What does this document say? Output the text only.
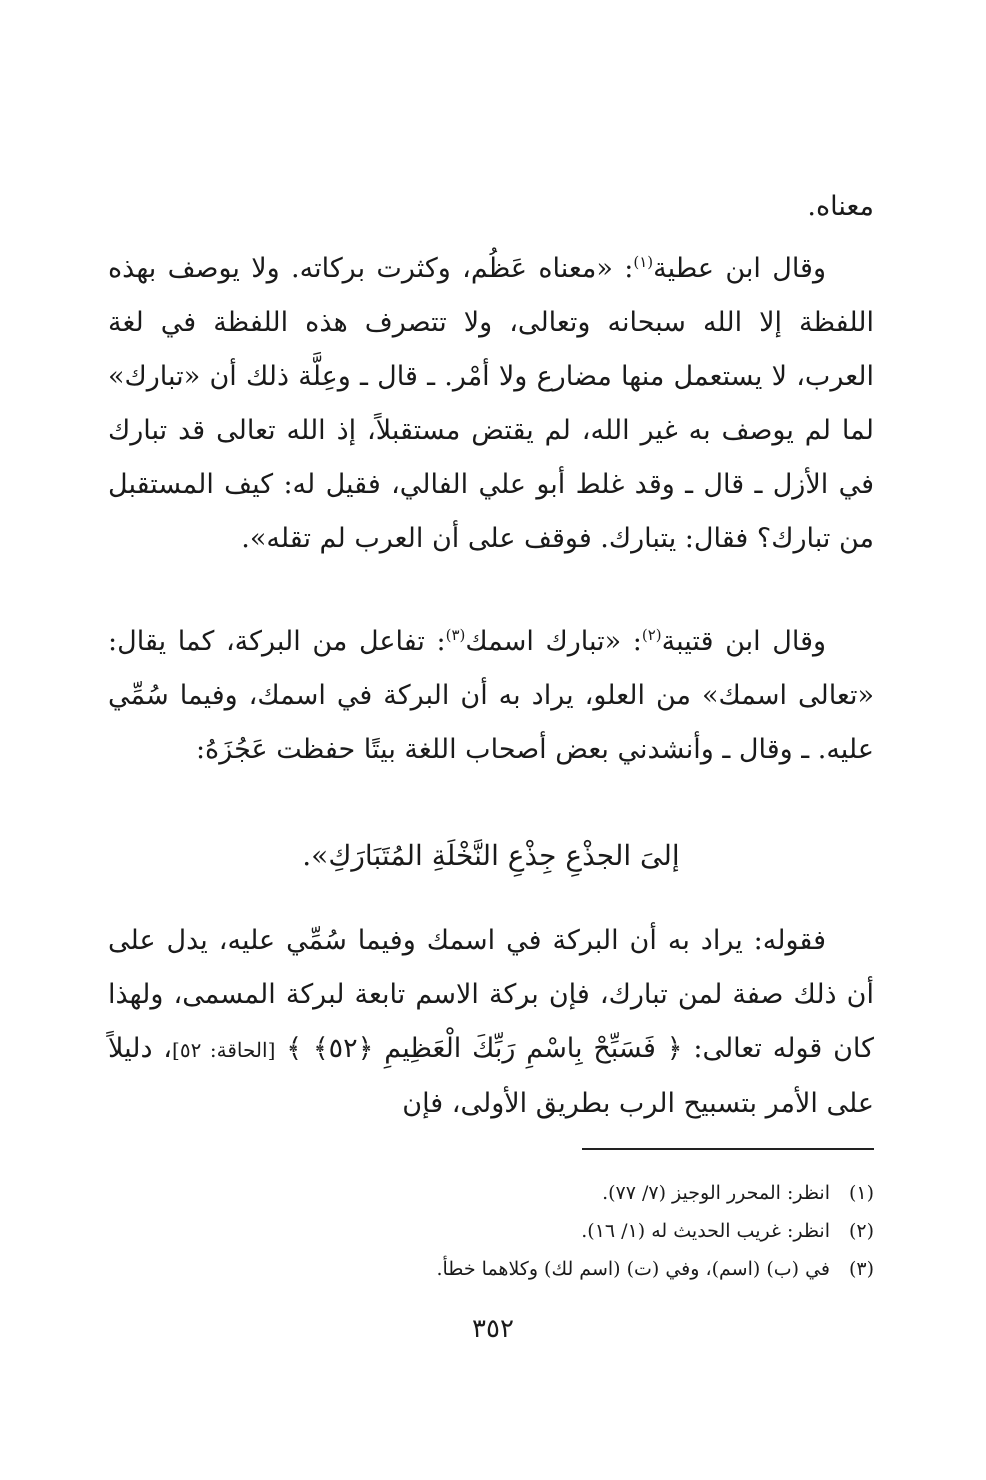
معناه.
وقال ابن عطية$^{(١)}$: «معناه عَظُم، وكثرت بركاته. ولا يوصف بهذه اللفظة إلا الله سبحانه وتعالى، ولا تتصرف هذه اللفظة في لغة العرب، لا يستعمل منها مضارع ولا أمْر. ـ قال ـ وعِلَّة ذلك أن «تبارك» لما لم يوصف به غير الله، لم يقتض مستقبلاً، إذ الله تعالى قد تبارك في الأزل ـ قال ـ وقد غلط أبو علي الفالي، فقيل له: كيف المستقبل من تبارك؟ فقال: يتبارك. فوقف على أن العرب لم تقله».
وقال ابن قتيبة$^{(٢)}$: «تبارك اسمك$^{(٣)}$: تفاعل من البركة، كما يقال: «تعالى اسمك» من العلو، يراد به أن البركة في اسمك، وفيما سُمِّي عليه. ـ وقال ـ وأنشدني بعض أصحاب اللغة بيتًا حفظت عَجُزَهُ:
إلىَ الجذْعِ جِذْعِ النَّخْلَةِ المُتَبَارَكِ».
فقوله: يراد به أن البركة في اسمك وفيما سُمِّي عليه، يدل على أن ذلك صفة لمن تبارك، فإن بركة الاسم تابعة لبركة المسمى، ولهذا كان قوله تعالى: ﴿ فَسَبِّحْ بِاسْمِ رَبِّكَ الْعَظِيمِ ﴿٥٢﴾ ﴾ [الحاقة: ٥٢]، دليلاً على الأمر بتسبيح الرب بطريق الأولى، فإن
(١)انظر: المحرر الوجيز (٧/ ٧٧).
(٢)انظر: غريب الحديث له (١/ ١٦).
(٣)في (ب) (اسم)، وفي (ت) (اسم لك) وكلاهما خطأ.
٣٥٢
